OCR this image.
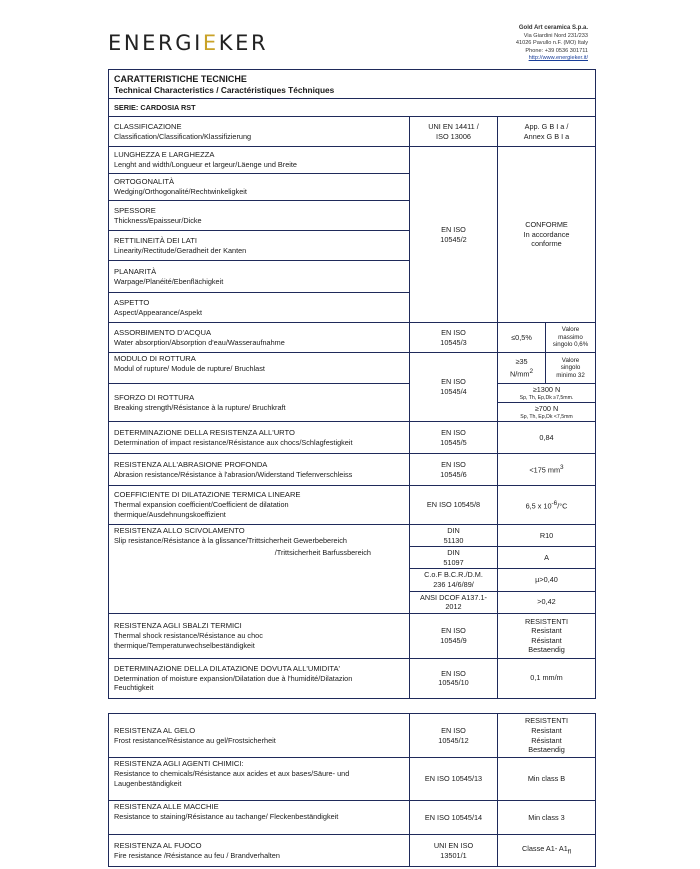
ENERGIEKER
Gold Art ceramica S.p.a.
Via Giardini Nord 231/233
41026 Pavullo n.F. (MO) Italy
Phone: +39 0536 301711
http://www.energieker.it/
CARATTERISTICHE TECNICHE
Technical Characteristics / Caractéristiques Téchniques			

SERIE: CARDOSIA RST			

CLASSIFICAZIONE
Classification/Classification/Klassifizierung	UNI EN 14411 /
ISO 13006	App. G B I a /
Annex G B I a	

LUNGHEZZA E LARGHEZZA
Lenght and width/Longueur et largeur/Läenge und Breite	EN ISO
10545/2	CONFORME
In accordance
conforme	

ORTOGONALITÀ
Wedging/Orthogonalité/Rechtwinkeligkeit			

SPESSORE
Thickness/Epaisseur/Dicke			

RETTILINEITÀ DEI LATI
Linearity/Rectitude/Geradheit der Kanten			

PLANARITÀ
Warpage/Planéité/Ebenflächigkeit			

ASPETTO
Aspect/Appearance/Aspekt			

ASSORBIMENTO D'ACQUA
Water absorption/Absorption d'eau/Wasseraufnahme	EN ISO
10545/3	≤0,5%	Valore
massimo
singolo 0,6%

MODULO DI ROTTURA
Modul of rupture/ Module de rupture/ Bruchlast	EN ISO
10545/4	≥35
$N/mm^2$	Valore
singolo
minimo 32

SFORZO DI ROTTURA
Breaking strength/Résistance à la rupture/ Bruchkraft		≥1300 N
Sp, Th, Ep,Dk ≥7,5mm.	

		≥700 N
Sp, Th, Ep,Dk <7,5mm	

DETERMINAZIONE DELLA RESISTENZA ALL'URTO
Determination of impact resistance/Résistance aux chocs/Schlagfestigkeit	EN ISO
10545/5	0,84	

RESISTENZA ALL'ABRASIONE PROFONDA
Abrasion resistance/Résistance à l'abrasion/Widerstand Tiefenverschleiss	EN ISO
10545/6	<175 $mm^3$

COEFFICIENTE DI DILATAZIONE TERMICA LINEARE
Thermal expansion coefficient/Coefficient de dilatation
thermique/Ausdehnungskoeffizient	EN ISO 10545/8	6,5 x $10^{-6}/^\circ C$	

RESISTENZA ALLO SCIVOLAMENTO
Slip resistance/Résistance à la glissance/Trittsicherheit Gewerbebereich	DIN
51130	R10	
/Trittsicherheit Barfussbereich	DIN
51097	A	

	C.o.F B.C.R./D.M.
236 14/6/89/	µ>0,40	

	ANSI DCOF A137.1-
2012	>0,42	

RESISTENZA AGLI SBALZI TERMICI
Thermal shock resistance/Résistance au choc
thermique/Temperaturwechselbeständigkeit	EN ISO
10545/9	RESISTENTI
Resistant
Résistant
Bestaendig	

DETERMINAZIONE DELLA DILATAZIONE DOVUTA ALL'UMIDITA'
Determination of moisture expansion/Dilatation due à l'humidité/Dilatazion
Feuchtigkeit	EN ISO
10545/10	0,1 mm/m	
RESISTENZA AL GELO
Frost resistance/Résistance au gel/Frostsicherheit	EN ISO
10545/12	RESISTENTI
Resistant
Résistant
Bestaendig

RESISTENZA AGLI AGENTI CHIMICI:
Resistance to chemicals/Résistance aux acides et aux bases/Säure- und
Laugenbeständigkeit	EN ISO 10545/13	Min class B

RESISTENZA ALLE MACCHIE
Resistance to staining/Résistance au tachange/ Fleckenbeständigkeit	EN ISO 10545/14	Min class 3

RESISTENZA AL FUOCO
Fire resistance /Résistance au feu / Brandverhalten	UNI EN ISO
13501/1	Classe A1- $A1_{fl}$
